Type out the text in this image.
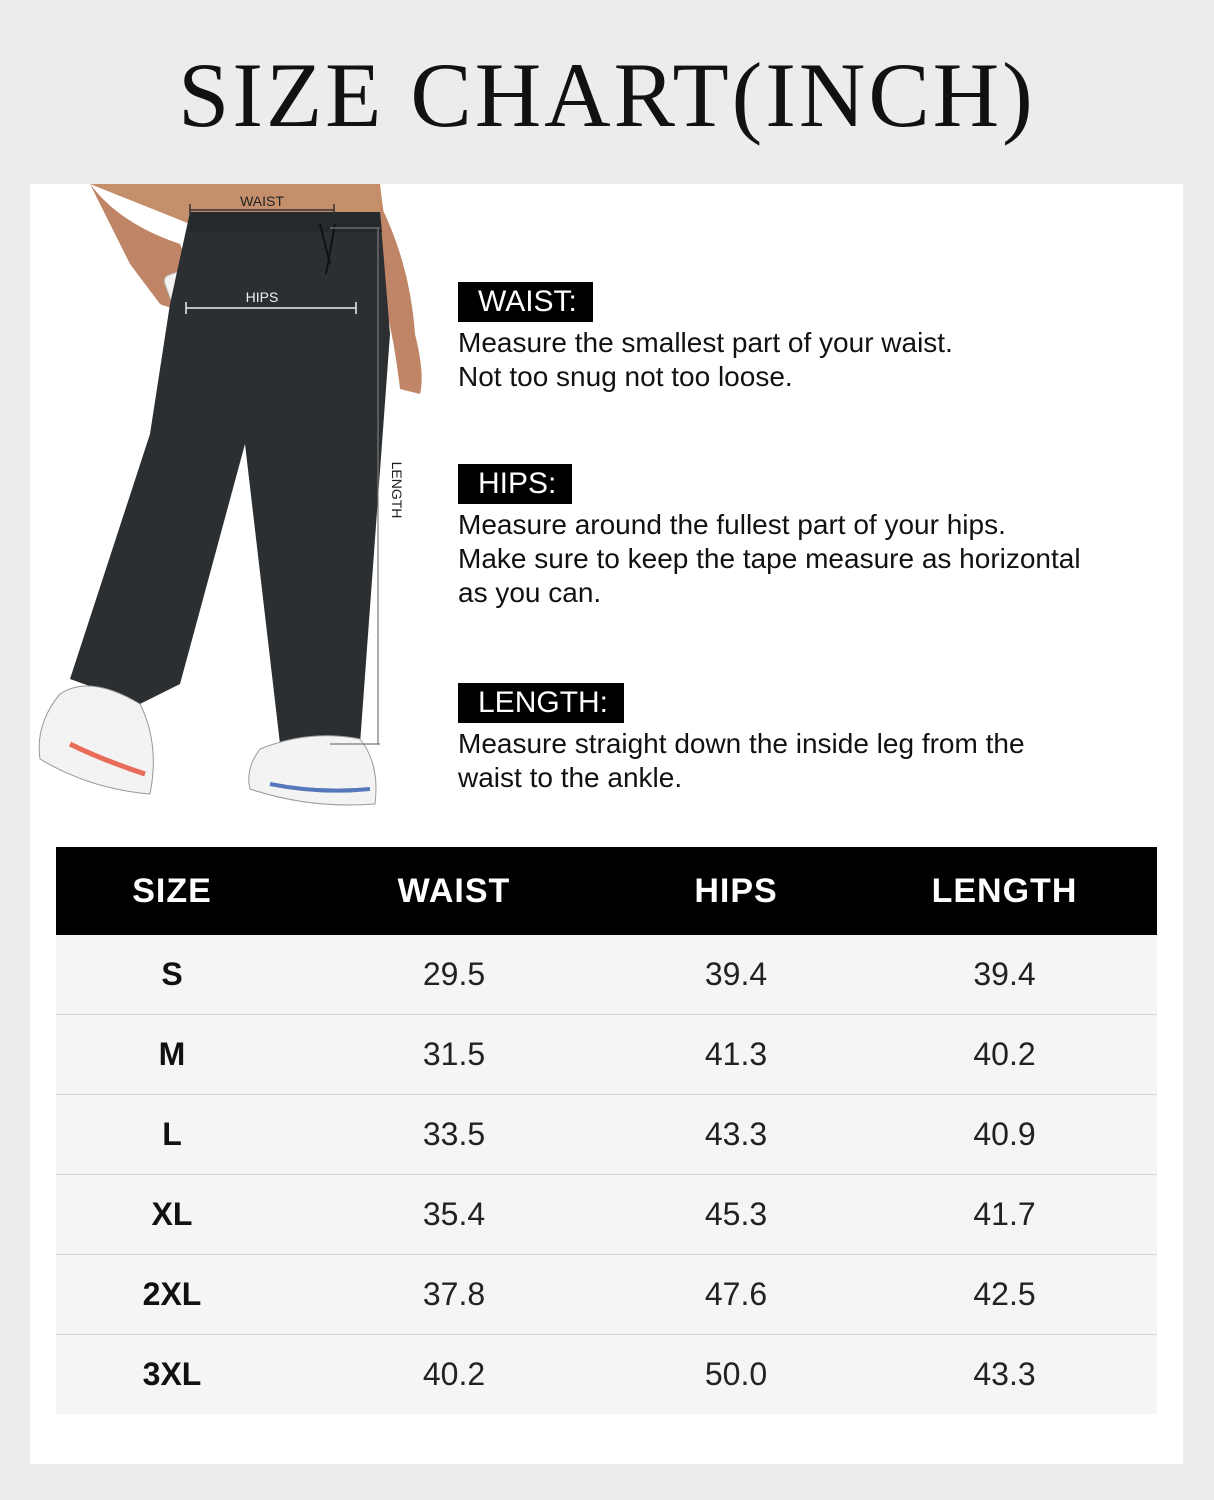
SIZE CHART(INCH)
WAIST
HIPS
LENGTH
WAIST:
Measure the smallest part of your waist.
Not too snug not too loose.
HIPS:
Measure around the fullest part of your hips.
Make sure to keep the tape measure as horizontal
as you can.
LENGTH:
Measure straight down the inside leg from the
waist to the ankle.
SIZE	WAIST	HIPS	LENGTH
S	29.5	39.4	39.4
M	31.5	41.3	40.2
L	33.5	43.3	40.9
XL	35.4	45.3	41.7
2XL	37.8	47.6	42.5
3XL	40.2	50.0	43.3
